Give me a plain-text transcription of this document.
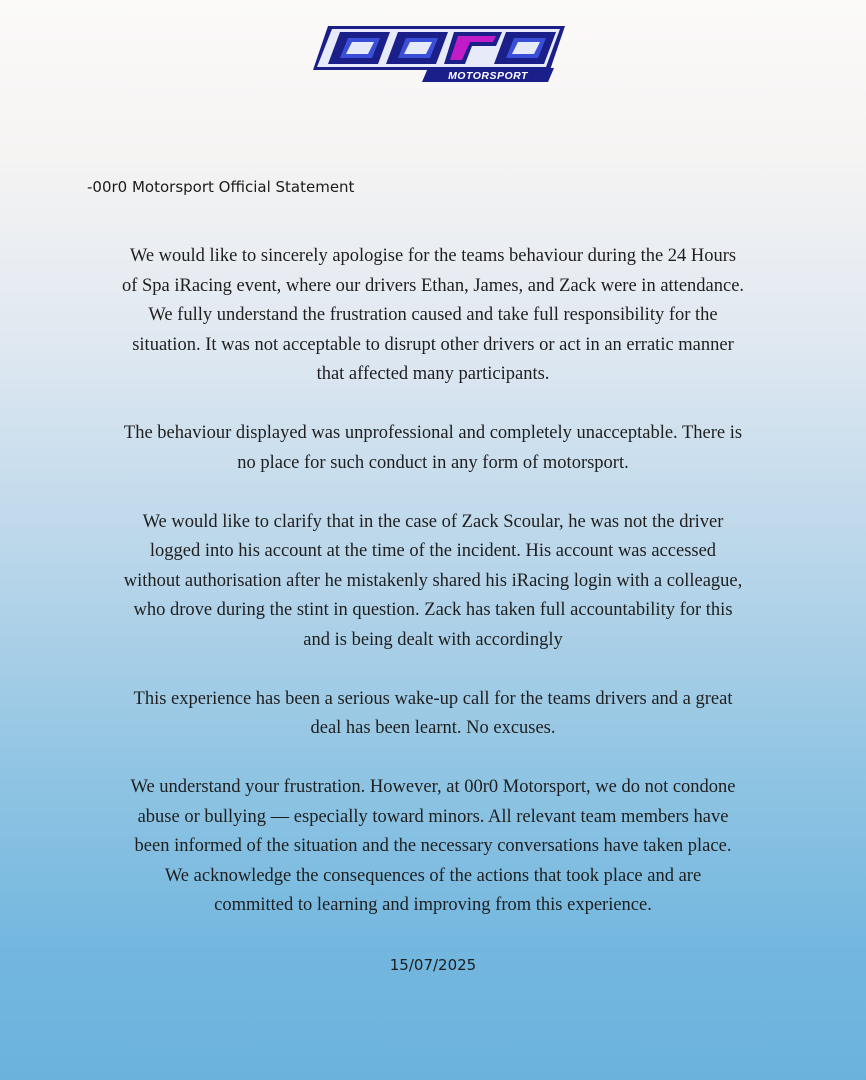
MOTORSPORT

-00r0 Motorsport Official Statement

We would like to sincerely apologise for the teams behaviour during the 24 Hours
of Spa iRacing event, where our drivers Ethan, James, and Zack were in attendance.
We fully understand the frustration caused and take full responsibility for the
situation. It was not acceptable to disrupt other drivers or act in an erratic manner
that affected many participants.

The behaviour displayed was unprofessional and completely unacceptable. There is
no place for such conduct in any form of motorsport.

We would like to clarify that in the case of Zack Scoular, he was not the driver
logged into his account at the time of the incident. His account was accessed
without authorisation after he mistakenly shared his iRacing login with a colleague,
who drove during the stint in question. Zack has taken full accountability for this
and is being dealt with accordingly

This experience has been a serious wake-up call for the teams drivers and a great
deal has been learnt. No excuses.

We understand your frustration. However, at 00r0 Motorsport, we do not condone
abuse or bullying — especially toward minors. All relevant team members have
been informed of the situation and the necessary conversations have taken place.
We acknowledge the consequences of the actions that took place and are
committed to learning and improving from this experience.

15/07/2025
